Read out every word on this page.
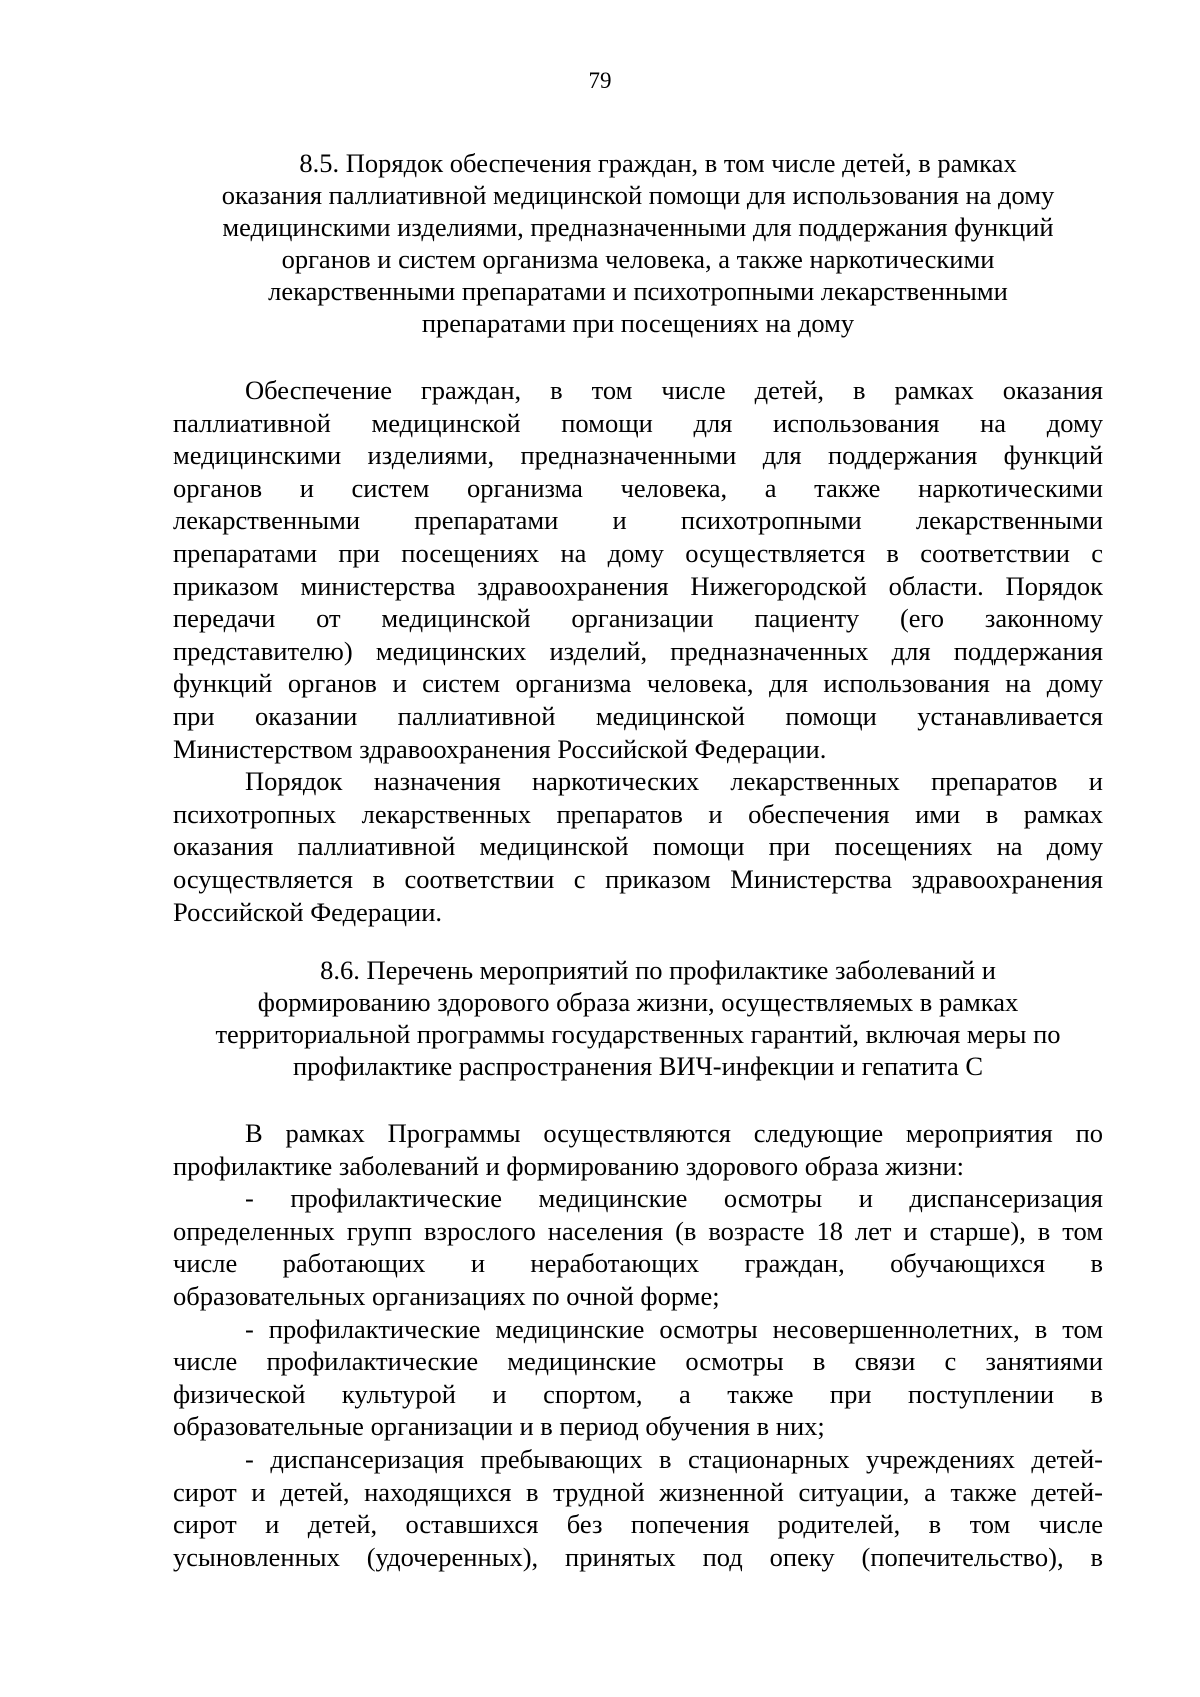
79
8.5. Порядок обеспечения граждан, в том числе детей, в рамках
оказания паллиативной медицинской помощи для использования на дому
медицинскими изделиями, предназначенными для поддержания функций
органов и систем организма человека, а также наркотическими
лекарственными препаратами и психотропными лекарственными
препаратами при посещениях на дому
Обеспечение граждан, в том числе детей, в рамках оказания
паллиативной медицинской помощи для использования на дому
медицинскими изделиями, предназначенными для поддержания функций
органов и систем организма человека, а также наркотическими
лекарственными препаратами и психотропными лекарственными
препаратами при посещениях на дому осуществляется в соответствии с
приказом министерства здравоохранения Нижегородской области. Порядок
передачи от медицинской организации пациенту (его законному
представителю) медицинских изделий, предназначенных для поддержания
функций органов и систем организма человека, для использования на дому
при оказании паллиативной медицинской помощи устанавливается
Министерством здравоохранения Российской Федерации.
Порядок назначения наркотических лекарственных препаратов и
психотропных лекарственных препаратов и обеспечения ими в рамках
оказания паллиативной медицинской помощи при посещениях на дому
осуществляется в соответствии с приказом Министерства здравоохранения
Российской Федерации.
8.6. Перечень мероприятий по профилактике заболеваний и
формированию здорового образа жизни, осуществляемых в рамках
территориальной программы государственных гарантий, включая меры по
профилактике распространения ВИЧ-инфекции и гепатита С
В рамках Программы осуществляются следующие мероприятия по
профилактике заболеваний и формированию здорового образа жизни:
- профилактические медицинские осмотры и диспансеризация
определенных групп взрослого населения (в возрасте 18 лет и старше), в том
числе работающих и неработающих граждан, обучающихся в
образовательных организациях по очной форме;
- профилактические медицинские осмотры несовершеннолетних, в том
числе профилактические медицинские осмотры в связи с занятиями
физической культурой и спортом, а также при поступлении в
образовательные организации и в период обучения в них;
- диспансеризация пребывающих в стационарных учреждениях детей-
сирот и детей, находящихся в трудной жизненной ситуации, а также детей-
сирот и детей, оставшихся без попечения родителей, в том числе
усыновленных (удочеренных), принятых под опеку (попечительство), в
